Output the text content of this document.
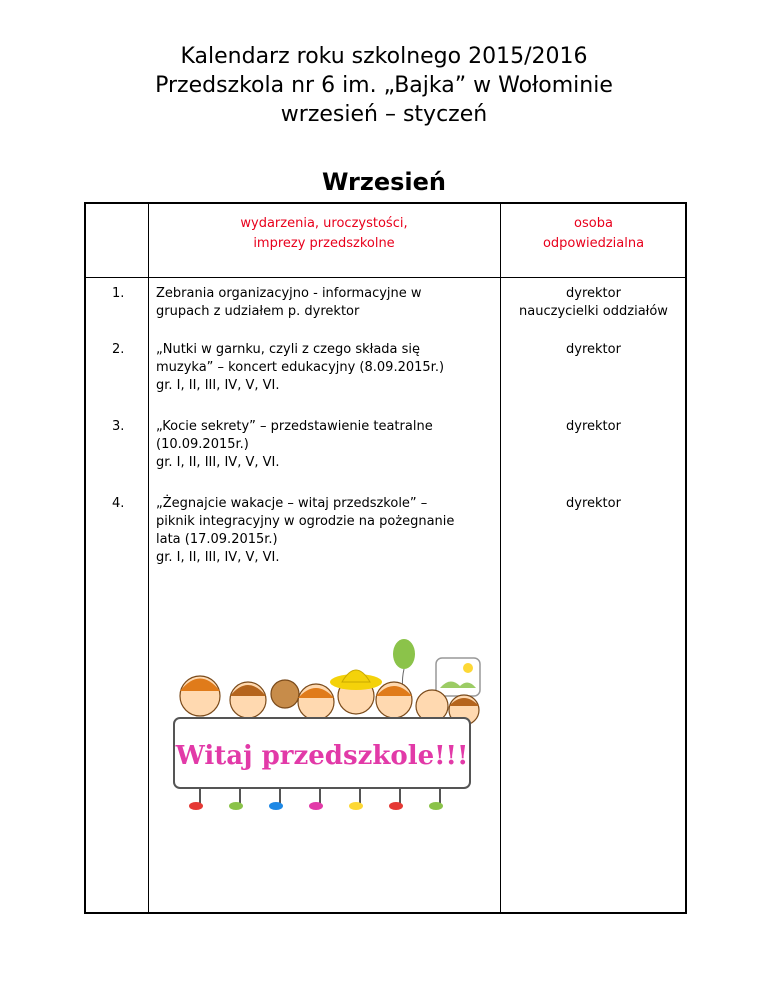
Kalendarz roku szkolnego 2015/2016
Przedszkola nr 6 im. „Bajka” w Wołominie
wrzesień – styczeń
Wrzesień
wydarzenia, uroczystości,
imprezy przedszkolne
osoba
odpowiedzialna
1. Zebrania organizacyjno - informacyjne w
grupach z udziałem p. dyrektor
dyrektor
nauczycielki oddziałów
2. „Nutki w garnku, czyli z czego składa się
muzyka” – koncert edukacyjny (8.09.2015r.)
gr. I, II, III, IV, V, VI.
dyrektor
3. „Kocie sekrety” – przedstawienie teatralne
(10.09.2015r.)
gr. I, II, III, IV, V, VI.
dyrektor
4. „Żegnajcie wakacje – witaj przedszkole” –
piknik integracyjny w ogrodzie na pożegnanie
lata (17.09.2015r.)
gr. I, II, III, IV, V, VI.
dyrektor
Witaj przedszkole!!!
